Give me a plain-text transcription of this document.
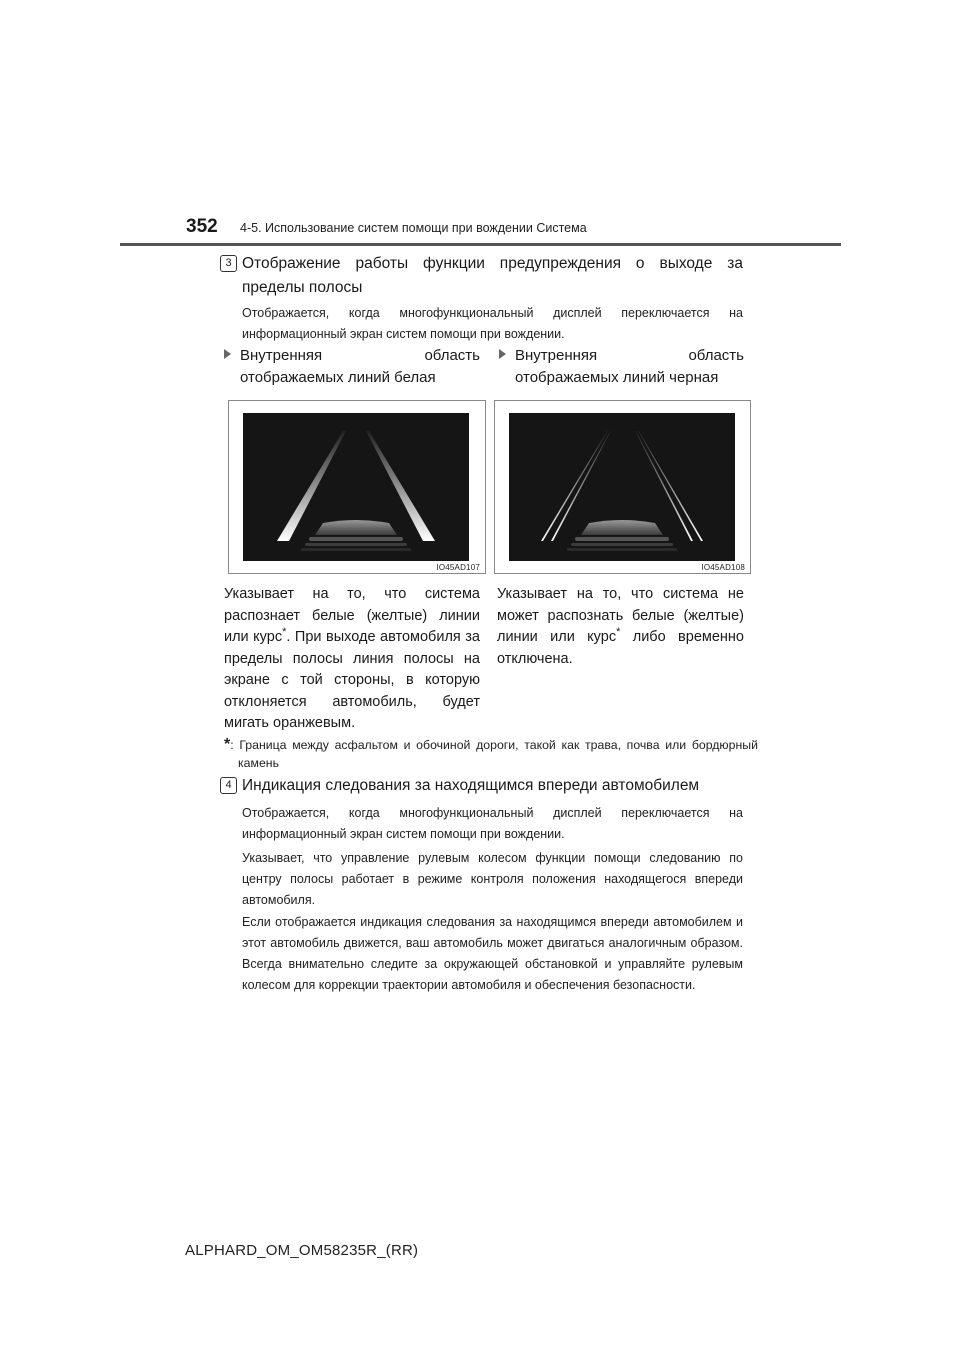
352 4-5. Использование систем помощи при вождении Система
3 Отображение работы функции предупреждения о выходе за пределы полосы
Отображается, когда многофункциональный дисплей переключается на информационный экран систем помощи при вождении.
Внутренняя	область
отображаемых линий белая
Внутренняя	область
отображаемых линий черная
IO45AD107	IO45AD108
Указывает на то, что система распознает белые (желтые) линии или курс*. При выходе автомобиля за пределы полосы линия полосы на экране с той стороны, в которую отклоняется автомобиль, будет мигать оранжевым.
Указывает на то, что система не может распознать белые (желтые) линии или курс* либо временно отключена.
*: Граница между асфальтом и обочиной дороги, такой как трава, почва или бордюрный камень
4 Индикация следования за находящимся впереди автомобилем
Отображается, когда многофункциональный дисплей переключается на информационный экран систем помощи при вождении.
Указывает, что управление рулевым колесом функции помощи следованию по центру полосы работает в режиме контроля положения находящегося впереди автомобиля.
Если отображается индикация следования за находящимся впереди автомобилем и этот автомобиль движется, ваш автомобиль может двигаться аналогичным образом. Всегда внимательно следите за окружающей обстановкой и управляйте рулевым колесом для коррекции траектории автомобиля и обеспечения безопасности.
ALPHARD_OM_OM58235R_(RR)
